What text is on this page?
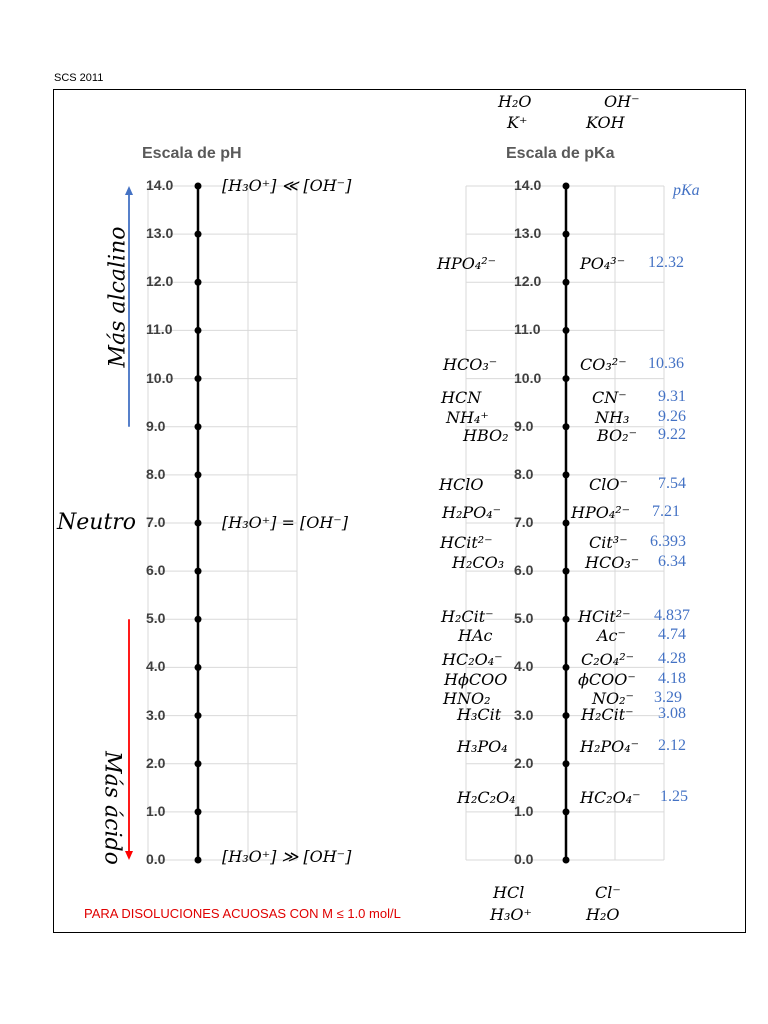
SCS 2011
Escala de pH
14.0
13.0
12.0
11.0
10.0
9.0
8.0
7.0
6.0
5.0
4.0
3.0
2.0
1.0
0.0
Más alcalino
Neutro
Más ácido
[H₃O⁺] ≪ [OH⁻]
[H₃O⁺] = [OH⁻]
[H₃O⁺] ≫ [OH⁻]
Escala de pKa
14.0
13.0
12.0
11.0
10.0
9.0
8.0
7.0
6.0
5.0
4.0
3.0
2.0
1.0
0.0
pKa
H₂O
K⁺
OH⁻
KOH
HCl
H₃O⁺
Cl⁻
H₂O
HPO₄²⁻	PO₄³⁻ 12.32
HCO₃⁻	CO₃²⁻ 10.36
HCN	CN⁻ 9.31
NH₄⁺	NH₃ 9.26
HBO₂	BO₂⁻ 9.22
HClO	ClO⁻ 7.54
H₂PO₄⁻	HPO₄²⁻ 7.21
HCit²⁻	Cit³⁻ 6.393
H₂CO₃	HCO₃⁻ 6.34
H₂Cit⁻	HCit²⁻ 4.837
HAc	Ac⁻ 4.74
HC₂O₄⁻	C₂O₄²⁻ 4.28
HϕCOO	ϕCOO⁻ 4.18
HNO₂	NO₂⁻ 3.29
H₃Cit	H₂Cit⁻ 3.08
H₃PO₄	H₂PO₄⁻ 2.12
H₂C₂O₄	HC₂O₄⁻ 1.25
PARA DISOLUCIONES ACUOSAS CON M ≤ 1.0 mol/L
